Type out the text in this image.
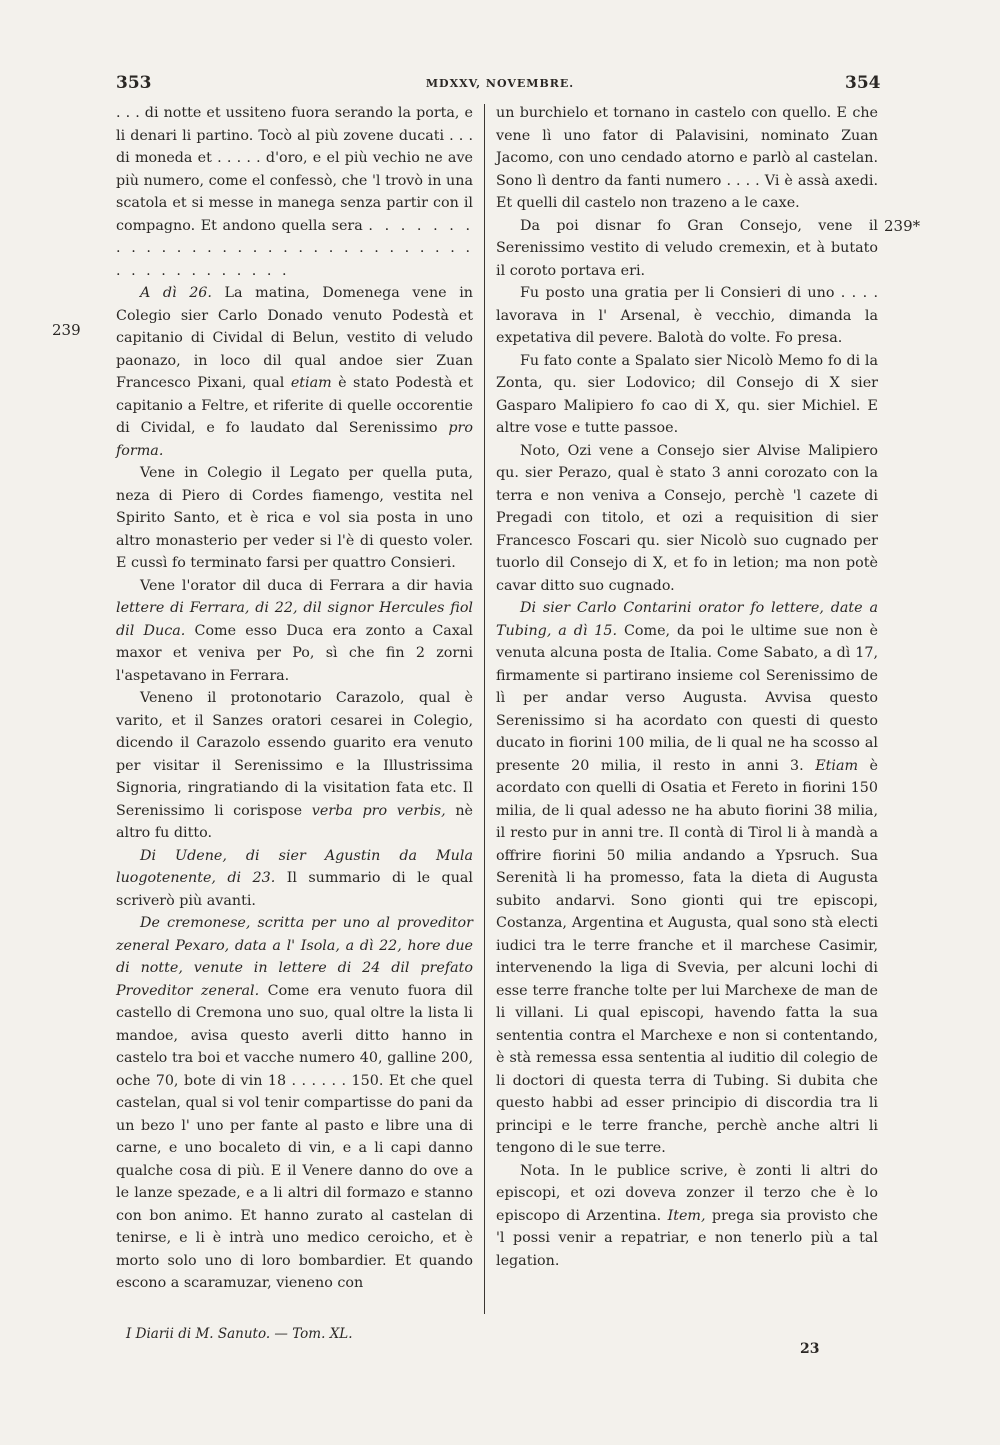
353	MDXXV, NOVEMBRE.	354
239
239*

. . . di notte et ussiteno fuora serando la porta, e li denari li partino. Tocò al più zovene ducati . . . di moneda et . . . . . d'oro, e el più vechio ne ave più numero, come el confessò, che 'l trovò in una scatola et si messe in manega senza partir con il compagno. Et andono quella sera . . . . . . . . . . . . . . . . . . . . . . . . . . . . . . . . . . . . . . . . . . .

A dì 26. La matina, Domenega vene in Colegio sier Carlo Donado venuto Podestà et capitanio di Cividal di Belun, vestito di veludo paonazo, in loco dil qual andoe sier Zuan Francesco Pixani, qual etiam è stato Podestà et capitanio a Feltre, et riferite di quelle occorentie di Cividal, e fo laudato dal Serenissimo pro forma.

Vene in Colegio il Legato per quella puta, neza di Piero di Cordes fiamengo, vestita nel Spirito Santo, et è rica e vol sia posta in uno altro monasterio per veder si l'è di questo voler. E cussì fo terminato farsi per quattro Consieri.

Vene l'orator dil duca di Ferrara a dir havia lettere di Ferrara, di 22, dil signor Hercules fiol dil Duca. Come esso Duca era zonto a Caxal maxor et veniva per Po, sì che fin 2 zorni l'aspetavano in Ferrara.

Veneno il protonotario Carazolo, qual è varito, et il Sanzes oratori cesarei in Colegio, dicendo il Carazolo essendo guarito era venuto per visitar il Serenissimo e la Illustrissima Signoria, ringratiando di la visitation fata etc. Il Serenissimo li corispose verba pro verbis, nè altro fu ditto.

Di Udene, di sier Agustin da Mula luogotenente, di 23. Il summario di le qual scriverò più avanti.

De cremonese, scritta per uno al proveditor zeneral Pexaro, data a l' Isola, a dì 22, hore due di notte, venute in lettere di 24 dil prefato Proveditor zeneral. Come era venuto fuora dil castello di Cremona uno suo, qual oltre la lista li mandoe, avisa questo averli ditto hanno in castelo tra boi et vacche numero 40, galline 200, oche 70, bote di vin 18 . . . . . . 150. Et che quel castelan, qual si vol tenir compartisse do pani da un bezo l' uno per fante al pasto e libre una di carne, e uno bocaleto di vin, e a li capi danno qualche cosa di più. E il Venere danno do ove a le lanze spezade, e a li altri dil formazo e stanno con bon animo. Et hanno zurato al castelan di tenirse, e li è intrà uno medico ceroicho, et è morto solo uno di loro bombardier. Et quando escono a scaramuzar, vieneno con

un burchielo et tornano in castelo con quello. E che vene lì uno fator di Palavisini, nominato Zuan Jacomo, con uno cendado atorno e parlò al castelan. Sono lì dentro da fanti numero . . . . Vi è assà axedi. Et quelli dil castelo non trazeno a le caxe.

Da poi disnar fo Gran Consejo, vene il Serenissimo vestito di veludo cremexin, et à butato il coroto portava eri.

Fu posto una gratia per li Consieri di uno . . . . lavorava in l' Arsenal, è vecchio, dimanda la expetativa dil pevere. Balotà do volte. Fo presa.

Fu fato conte a Spalato sier Nicolò Memo fo di la Zonta, qu. sier Lodovico; dil Consejo di X sier Gasparo Malipiero fo cao di X, qu. sier Michiel. E altre vose e tutte passoe.

Noto, Ozi vene a Consejo sier Alvise Malipiero qu. sier Perazo, qual è stato 3 anni corozato con la terra e non veniva a Consejo, perchè 'l cazete di Pregadi con titolo, et ozi a requisition di sier Francesco Foscari qu. sier Nicolò suo cugnado per tuorlo dil Consejo di X, et fo in letion; ma non potè cavar ditto suo cugnado.

Di sier Carlo Contarini orator fo lettere, date a Tubing, a dì 15. Come, da poi le ultime sue non è venuta alcuna posta de Italia. Come Sabato, a dì 17, firmamente si partirano insieme col Serenissimo de lì per andar verso Augusta. Avvisa questo Serenissimo si ha acordato con questi di questo ducato in fiorini 100 milia, de li qual ne ha scosso al presente 20 milia, il resto in anni 3. Etiam è acordato con quelli di Osatia et Fereto in fiorini 150 milia, de li qual adesso ne ha abuto fiorini 38 milia, il resto pur in anni tre. Il contà di Tirol li à mandà a offrire fiorini 50 milia andando a Ypsruch. Sua Serenità li ha promesso, fata la dieta di Augusta subito andarvi. Sono gionti qui tre episcopi, Costanza, Argentina et Augusta, qual sono stà electi iudici tra le terre franche et il marchese Casimir, intervenendo la liga di Svevia, per alcuni lochi di esse terre franche tolte per lui Marchexe de man de li villani. Li qual episcopi, havendo fatta la sua sententia contra el Marchexe e non si contentando, è stà remessa essa sententia al iuditio dil colegio de li doctori di questa terra di Tubing. Si dubita che questo habbi ad esser principio di discordia tra li principi e le terre franche, perchè anche altri li tengono di le sue terre.

Nota. In le publice scrive, è zonti li altri do episcopi, et ozi doveva zonzer il terzo che è lo episcopo di Arzentina. Item, prega sia provisto che 'l possi venir a repatriar, e non tenerlo più a tal legation.

I Diarii di M. Sanuto. — Tom. XL.
23
